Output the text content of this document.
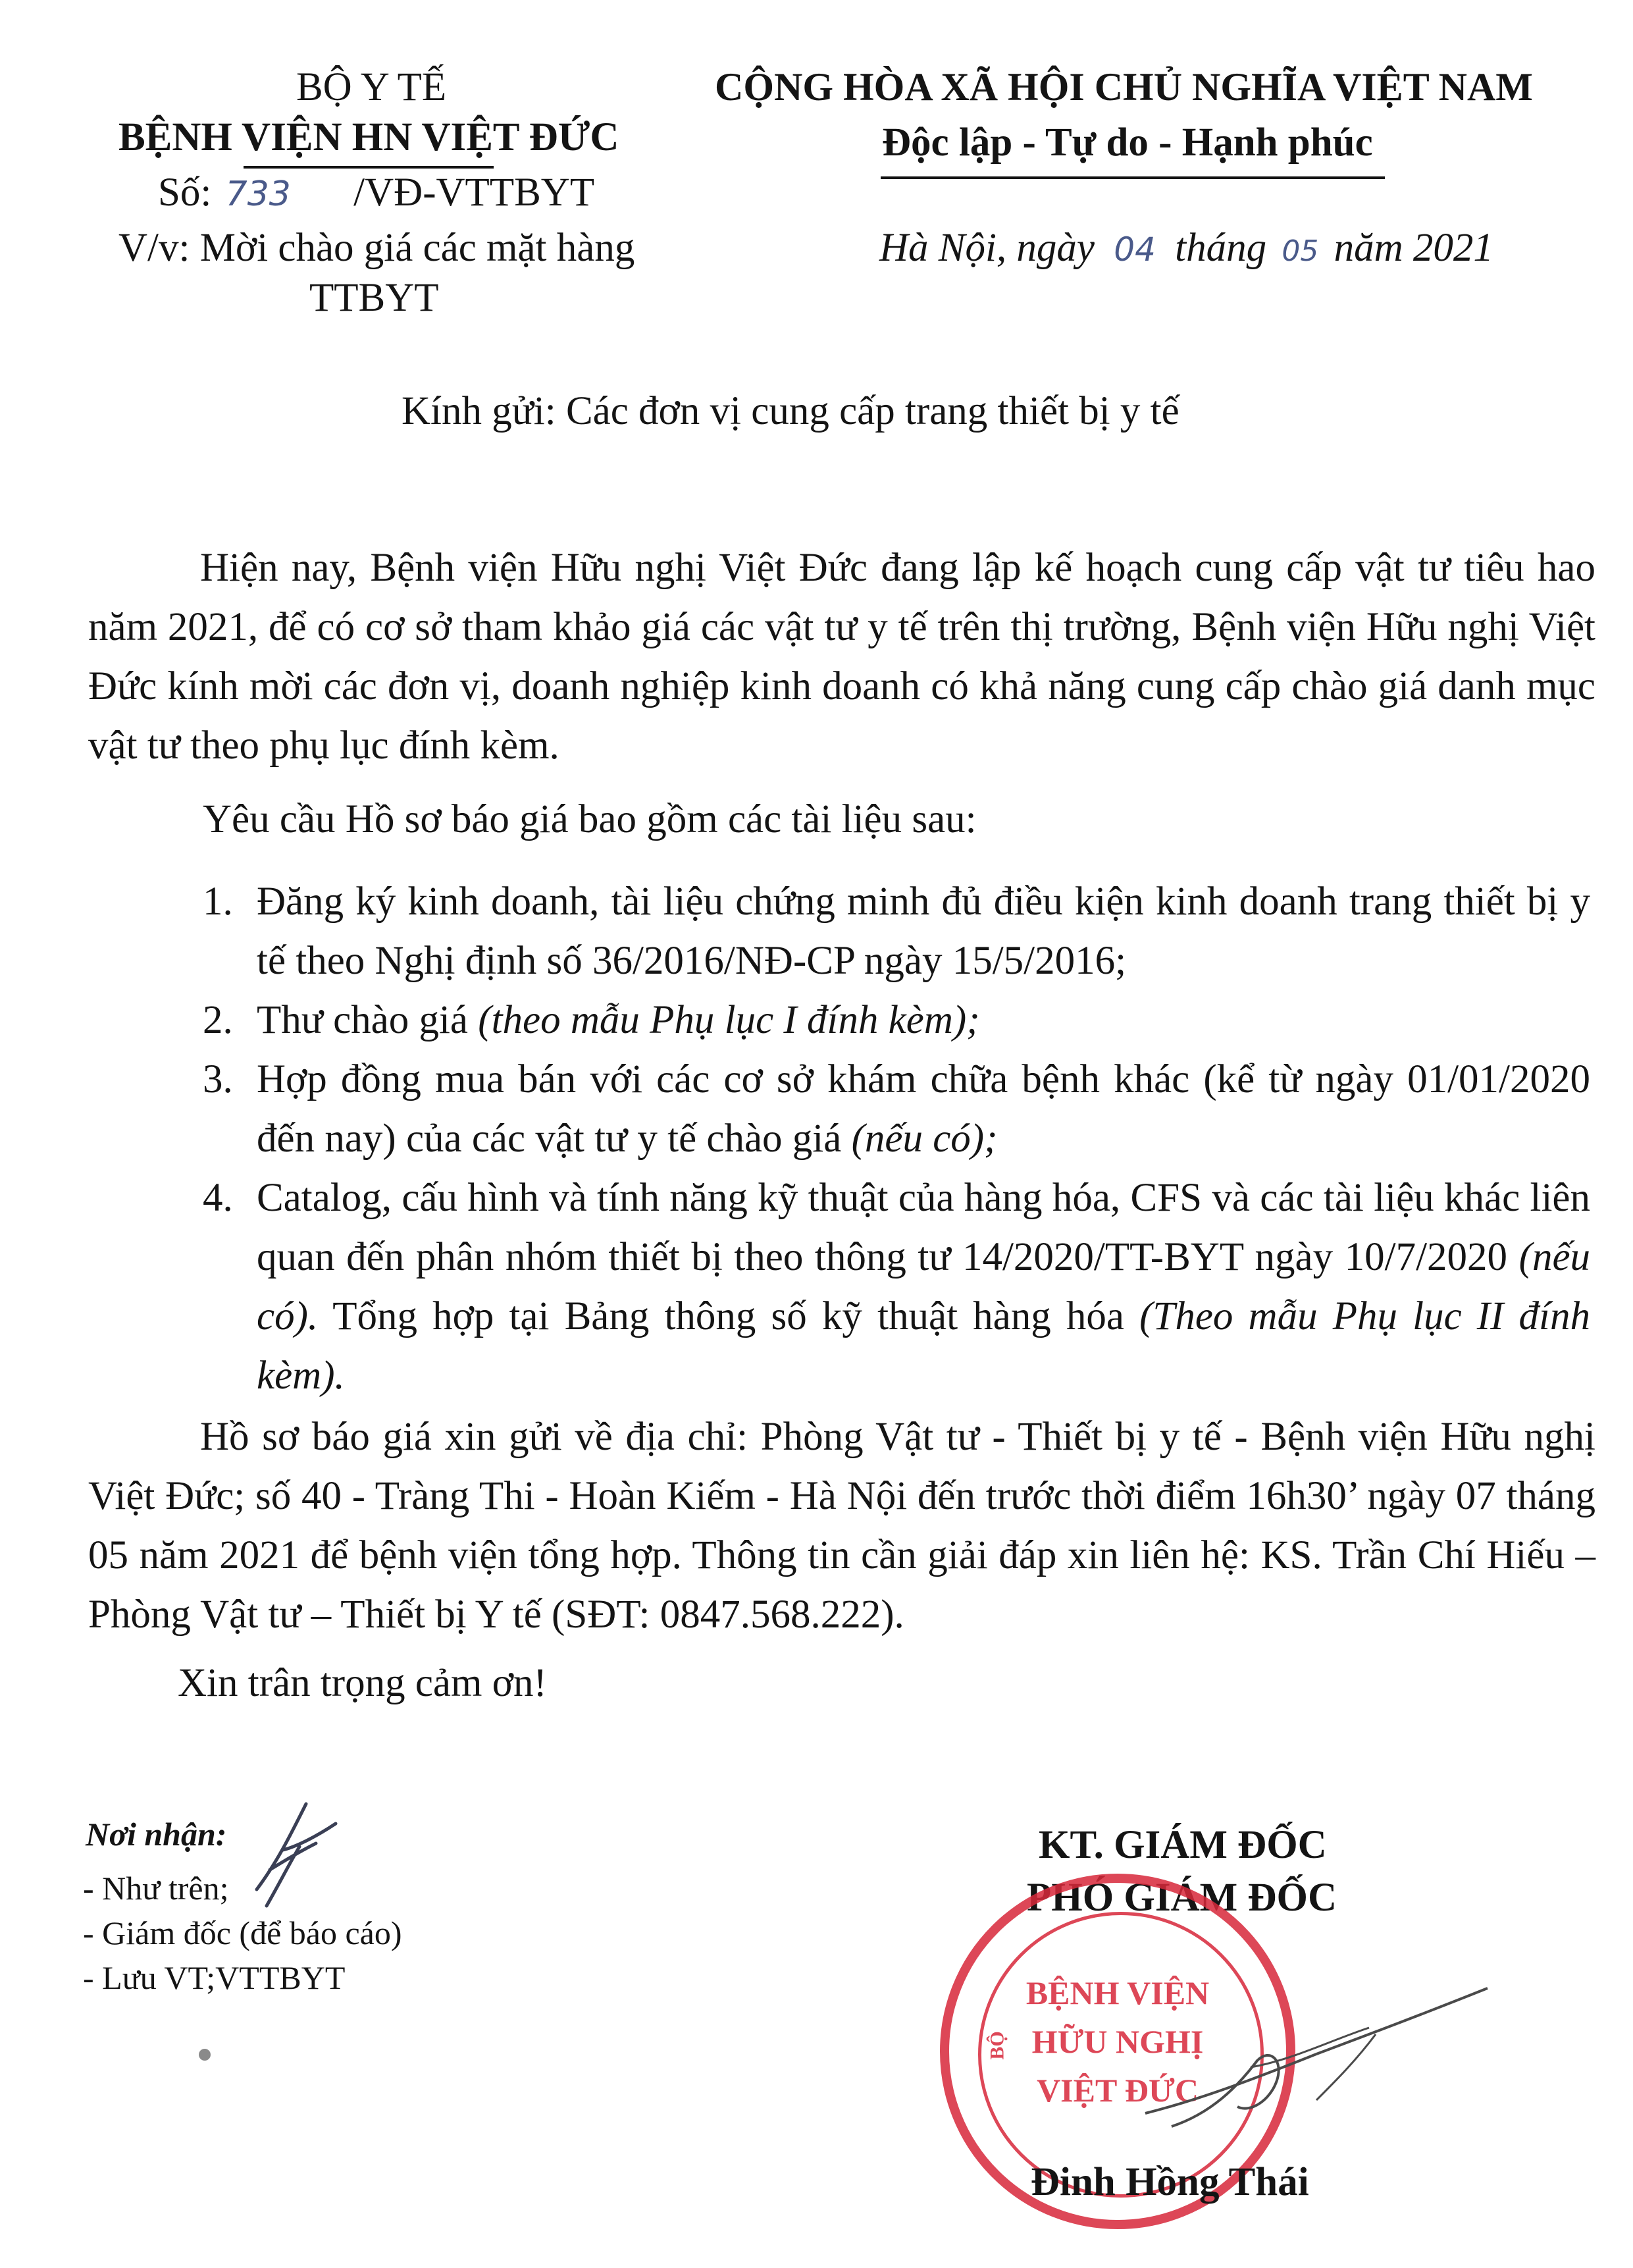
BỘ Y TẾ
BỆNH VIỆN HN VIỆT ĐỨC
Số: 733 /VĐ-VTTBYT
V/v: Mời chào giá các mặt hàng
TTBYT
CỘNG HÒA XÃ HỘI CHỦ NGHĨA VIỆT NAM
Độc lập - Tự do - Hạnh phúc
Hà Nội, ngày 04 tháng 05 năm 2021
Kính gửi: Các đơn vị cung cấp trang thiết bị y tế
Hiện nay, Bệnh viện Hữu nghị Việt Đức đang lập kế hoạch cung cấp vật tư tiêu hao năm 2021, để có cơ sở tham khảo giá các vật tư y tế trên thị trường, Bệnh viện Hữu nghị Việt Đức kính mời các đơn vị, doanh nghiệp kinh doanh có khả năng cung cấp chào giá danh mục vật tư theo phụ lục đính kèm.
Yêu cầu Hồ sơ báo giá bao gồm các tài liệu sau:
1. Đăng ký kinh doanh, tài liệu chứng minh đủ điều kiện kinh doanh trang thiết bị y tế theo Nghị định số 36/2016/NĐ-CP ngày 15/5/2016;
2. Thư chào giá (theo mẫu Phụ lục I đính kèm);
3. Hợp đồng mua bán với các cơ sở khám chữa bệnh khác (kể từ ngày 01/01/2020 đến nay) của các vật tư y tế chào giá (nếu có);
4. Catalog, cấu hình và tính năng kỹ thuật của hàng hóa, CFS và các tài liệu khác liên quan đến phân nhóm thiết bị theo thông tư 14/2020/TT-BYT ngày 10/7/2020 (nếu có). Tổng hợp tại Bảng thông số kỹ thuật hàng hóa (Theo mẫu Phụ lục II đính kèm).
Hồ sơ báo giá xin gửi về địa chỉ: Phòng Vật tư - Thiết bị y tế - Bệnh viện Hữu nghị Việt Đức; số 40 - Tràng Thi - Hoàn Kiếm - Hà Nội đến trước thời điểm 16h30’ ngày 07 tháng 05 năm 2021 để bệnh viện tổng hợp. Thông tin cần giải đáp xin liên hệ: KS. Trần Chí Hiếu – Phòng Vật tư – Thiết bị Y tế (SĐT: 0847.568.222).
Xin trân trọng cảm ơn!
Nơi nhận:
- Như trên;
- Giám đốc (để báo cáo)
- Lưu VT;VTTBYT
KT. GIÁM ĐỐC
PHÓ GIÁM ĐỐC
BỆNH VIỆN
HỮU NGHỊ
VIỆT ĐỨC
BỘ
Đinh Hồng Thái
